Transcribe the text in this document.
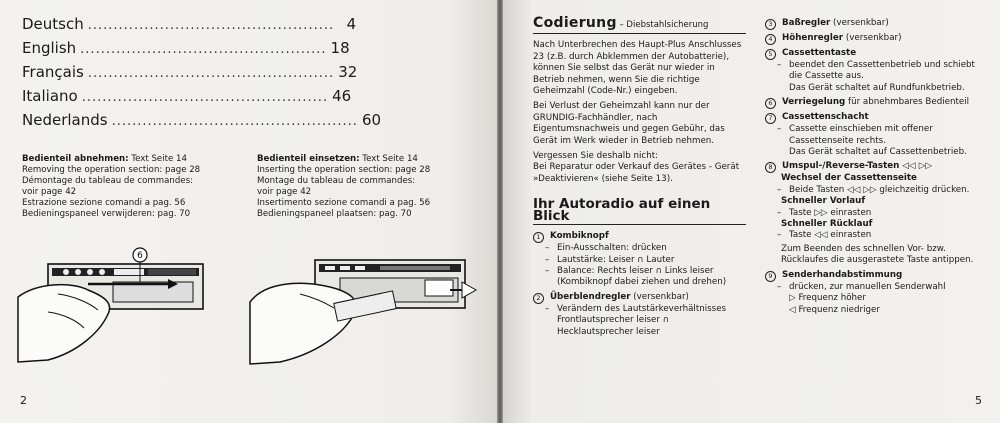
Deutsch ................................................ 4
English ................................................ 18
Français ................................................ 32
Italiano ................................................ 46
Nederlands ................................................ 60
Bedienteil abnehmen: Text Seite 14
Removing the operation section: page 28
Démontage du tableau de commandes:
voir page 42
Estrazione sezione comandi a pag. 56
Bedieningspaneel verwijderen: pag. 70
Bedienteil einsetzen: Text Seite 14
Inserting the operation section: page 28
Montage du tableau de commandes:
voir page 42
Insertimento sezione comandi a pag. 56
Bedieningspaneel plaatsen: pag. 70
6
2
Codierung – Diebstahlsicherung

Nach Unterbrechen des Haupt-Plus Anschlusses 23 (z.B. durch Abklemmen der Autobatterie), können Sie selbst das Gerät nur wieder in Betrieb nehmen, wenn Sie die richtige Geheimzahl (Code-Nr.) eingeben.

Bei Verlust der Geheimzahl kann nur der GRUNDIG-Fachhändler, nach Eigentumsnachweis und gegen Gebühr, das Gerät im Werk wieder in Betrieb nehmen.

Vergessen Sie deshalb nicht:

Bei Reparatur oder Verkauf des Gerätes - Gerät »Deaktivieren« (siehe Seite 13).

Ihr Autoradio auf einen Blick
1	Kombiknopf
– Ein-Ausschalten: drücken
– Lautstärke: Leiser ∩ Lauter
– Balance: Rechts leiser ∩ Links leiser (Kombiknopf dabei ziehen und drehen)
2	Überblendregler (versenkbar)
– Verändern des Lautstärkeverhältnisses Frontlautsprecher leiser ∩ Hecklautsprecher leiser
3	Baßregler (versenkbar)
4	Höhenregler (versenkbar)
5	Cassettentaste
– beendet den Cassettenbetrieb und schiebt die Cassette aus.
Das Gerät schaltet auf Rundfunkbetrieb.
6	Verriegelung für abnehmbares Bedienteil
7	Cassettenschacht
– Cassette einschieben mit offener Cassettenseite rechts.
Das Gerät schaltet auf Cassettenbetrieb.
8	Umspul-/Reverse-Tasten ◁◁ ▷▷
Wechsel der Cassettenseite
– Beide Tasten ◁◁ ▷▷ gleichzeitig drücken.
Schneller Vorlauf
– Taste ▷▷ einrasten
Schneller Rücklauf
– Taste ◁◁ einrasten
Zum Beenden des schnellen Vor- bzw. Rücklaufes die ausgerastete Taste antippen.
9	Senderhandabstimmung
– drücken, zur manuellen Senderwahl
▷ Frequenz höher
◁ Frequenz niedriger
5
